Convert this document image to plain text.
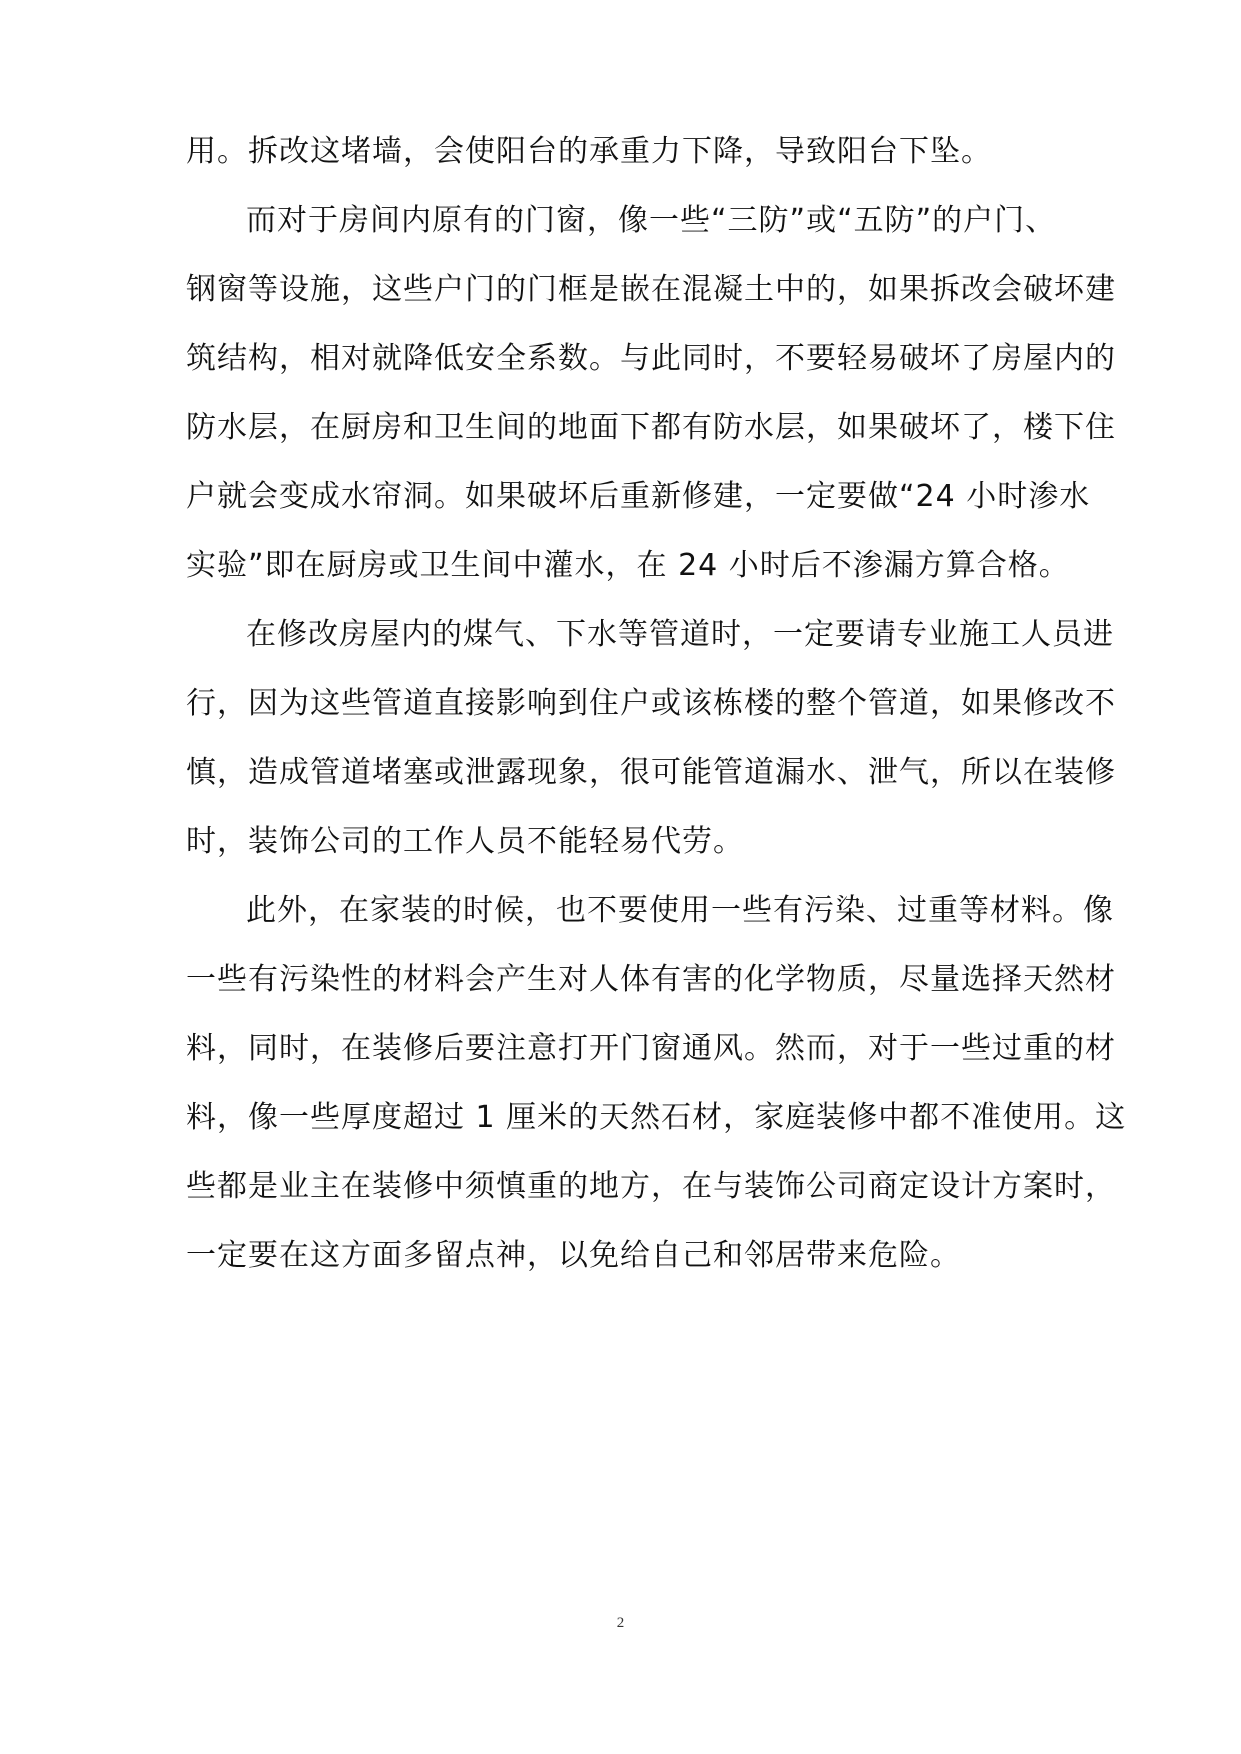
用。拆改这堵墙，会使阳台的承重力下降，导致阳台下坠。
而对于房间内原有的门窗，像一些“三防”或“五防”的户门、
钢窗等设施，这些户门的门框是嵌在混凝土中的，如果拆改会破坏建
筑结构，相对就降低安全系数。与此同时，不要轻易破坏了房屋内的
防水层，在厨房和卫生间的地面下都有防水层，如果破坏了，楼下住
户就会变成水帘洞。如果破坏后重新修建，一定要做“24 小时渗水
实验”即在厨房或卫生间中灌水，在 24 小时后不渗漏方算合格。
在修改房屋内的煤气、下水等管道时，一定要请专业施工人员进
行，因为这些管道直接影响到住户或该栋楼的整个管道，如果修改不
慎，造成管道堵塞或泄露现象，很可能管道漏水、泄气，所以在装修
时，装饰公司的工作人员不能轻易代劳。
此外，在家装的时候，也不要使用一些有污染、过重等材料。像
一些有污染性的材料会产生对人体有害的化学物质，尽量选择天然材
料，同时，在装修后要注意打开门窗通风。然而，对于一些过重的材
料，像一些厚度超过 1 厘米的天然石材，家庭装修中都不准使用。这
些都是业主在装修中须慎重的地方，在与装饰公司商定设计方案时，
一定要在这方面多留点神，以免给自己和邻居带来危险。
2
